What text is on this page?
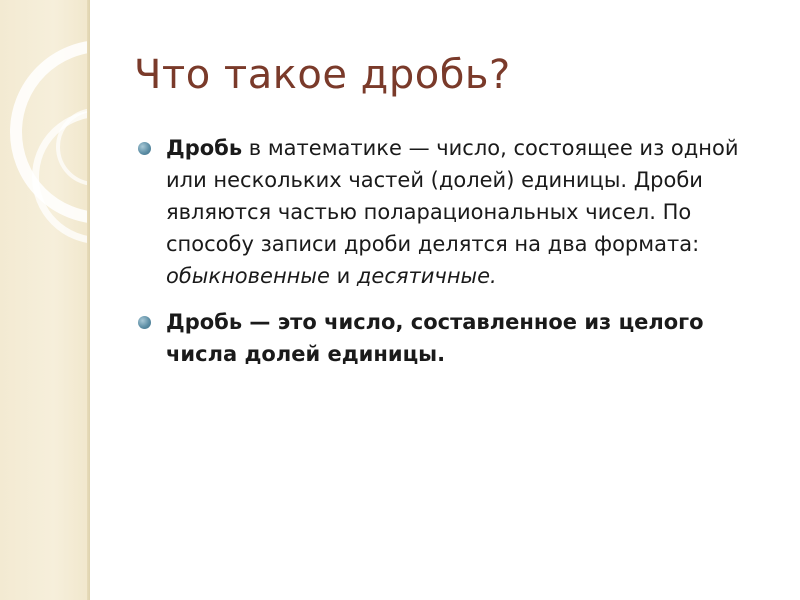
Что такое дробь?
Дробь в математике — число, состоящее из одной или нескольких частей (долей) единицы. Дроби являются частью поларациональных чисел. По способу записи дроби делятся на два формата: обыкновенные и десятичные.
Дробь — это число, составленное из целого числа долей единицы.
